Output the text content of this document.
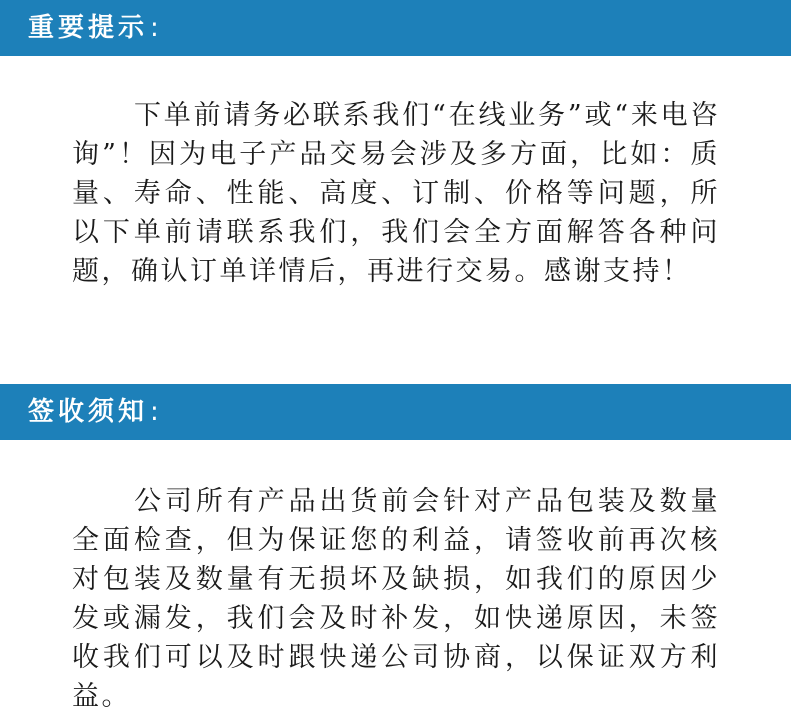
重要提示:

下单前请务必联系我们“在线业务”或“来电咨询”！因为电子产品交易会涉及多方面，比如：质量、寿命、性能、高度、订制、价格等问题，所以下单前请联系我们，我们会全方面解答各种问题，确认订单详情后，再进行交易。感谢支持！

签收须知:

公司所有产品出货前会针对产品包装及数量全面检查，但为保证您的利益，请签收前再次核对包装及数量有无损坏及缺损，如我们的原因少发或漏发，我们会及时补发，如快递原因，未签收我们可以及时跟快递公司协商，以保证双方利益。
